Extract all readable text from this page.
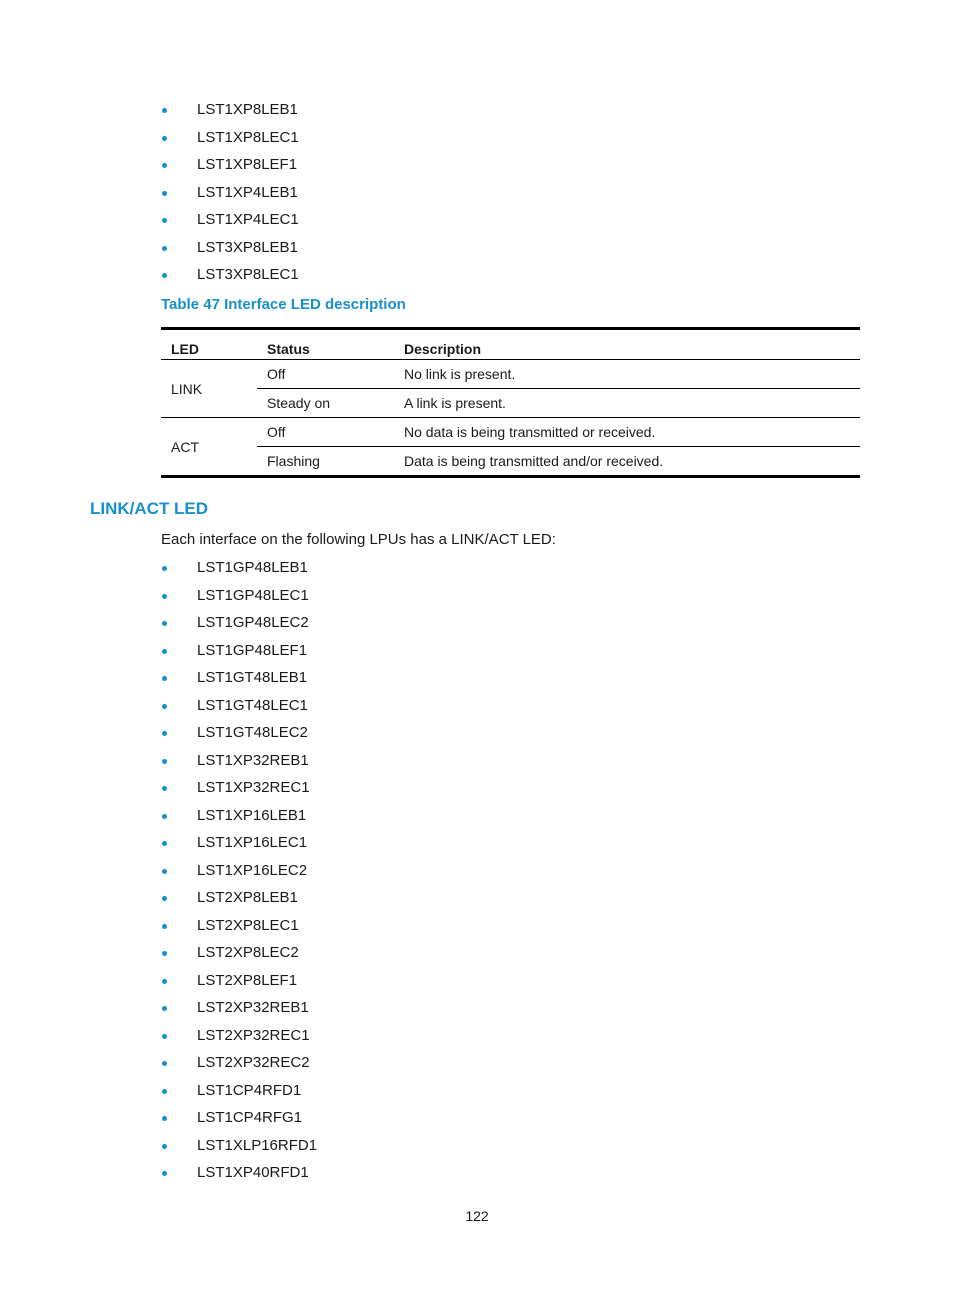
LST1XP8LEB1
LST1XP8LEC1
LST1XP8LEF1
LST1XP4LEB1
LST1XP4LEC1
LST3XP8LEB1
LST3XP8LEC1
Table 47 Interface LED description
LED	Status	Description
LINK	Off	No link is present.
	Steady on	A link is present.
ACT	Off	No data is being transmitted or received.
	Flashing	Data is being transmitted and/or received.
LINK/ACT LED
Each interface on the following LPUs has a LINK/ACT LED:
LST1GP48LEB1
LST1GP48LEC1
LST1GP48LEC2
LST1GP48LEF1
LST1GT48LEB1
LST1GT48LEC1
LST1GT48LEC2
LST1XP32REB1
LST1XP32REC1
LST1XP16LEB1
LST1XP16LEC1
LST1XP16LEC2
LST2XP8LEB1
LST2XP8LEC1
LST2XP8LEC2
LST2XP8LEF1
LST2XP32REB1
LST2XP32REC1
LST2XP32REC2
LST1CP4RFD1
LST1CP4RFG1
LST1XLP16RFD1
LST1XP40RFD1
122
